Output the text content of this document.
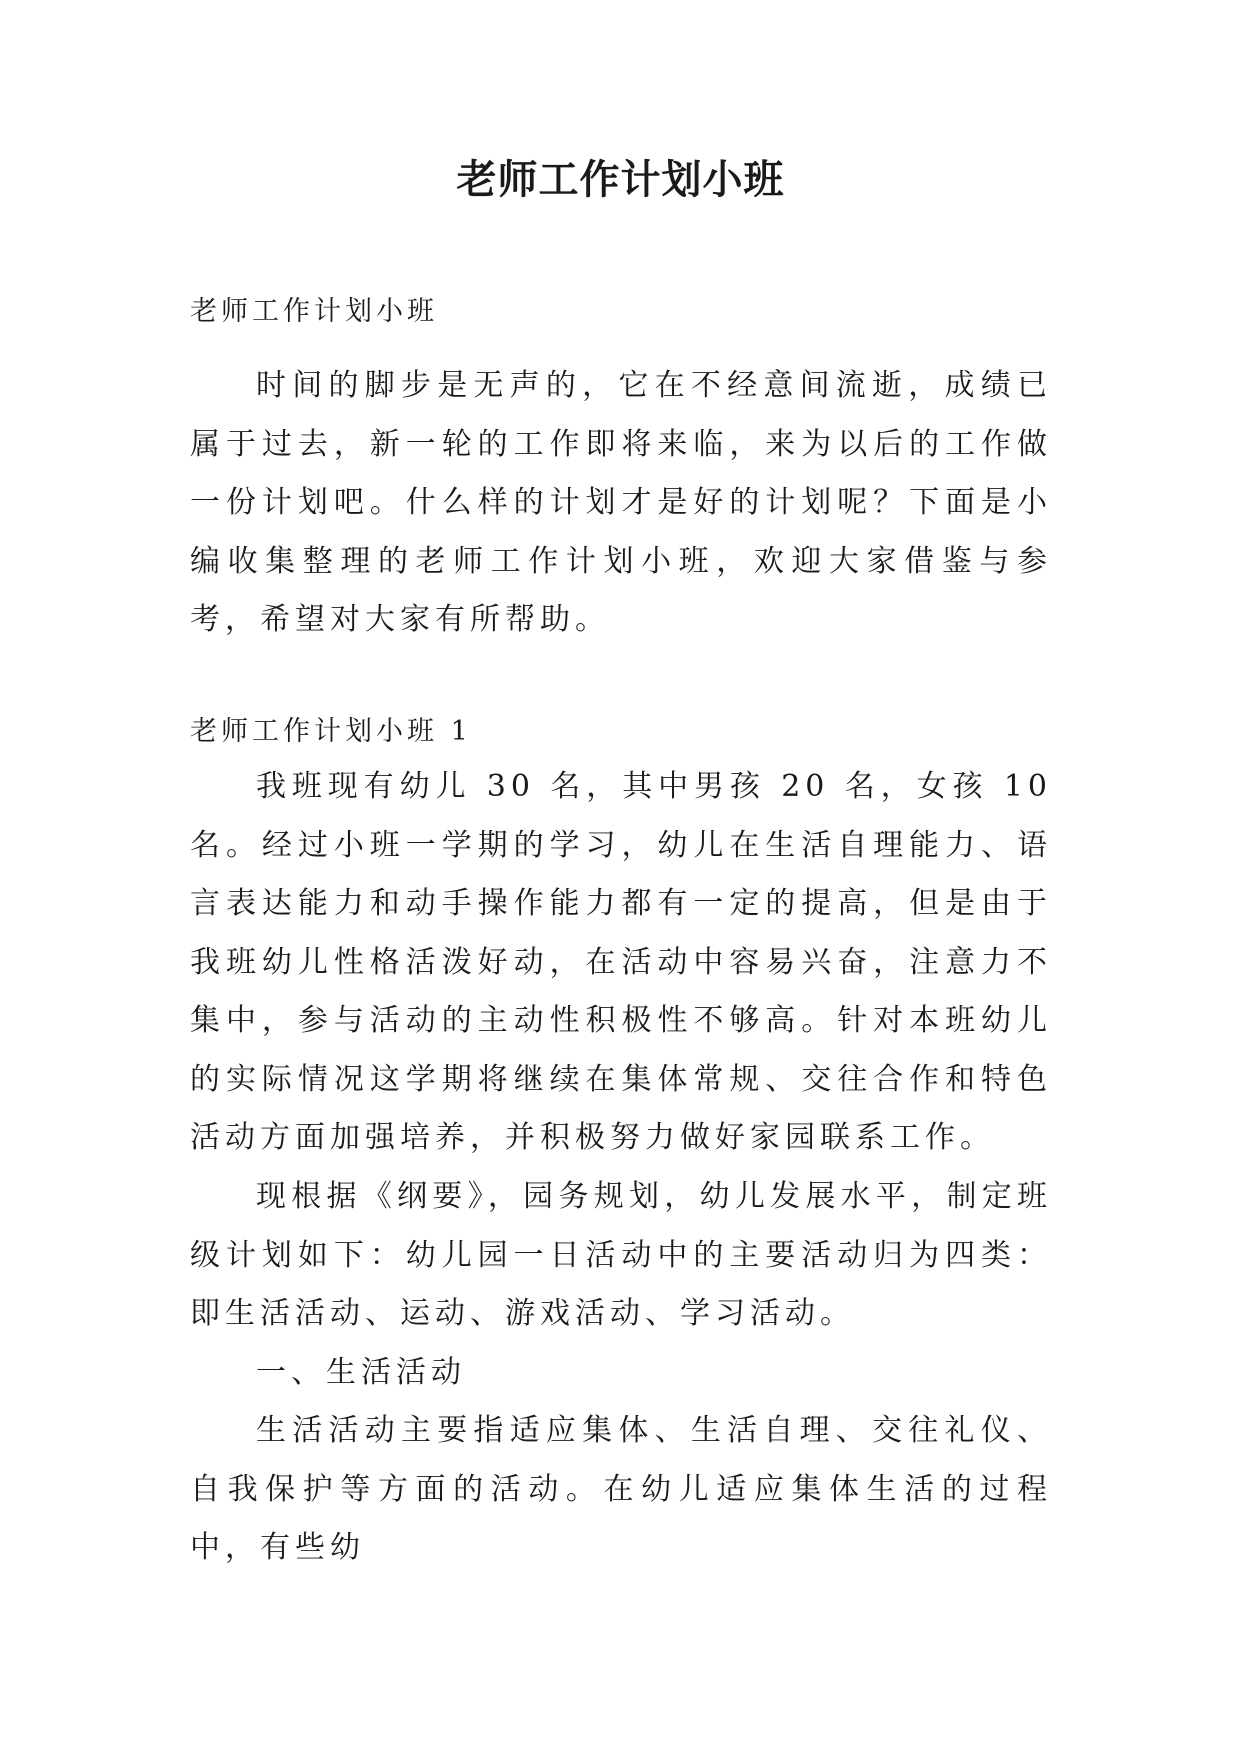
老师工作计划小班
老师工作计划小班
时间的脚步是无声的，它在不经意间流逝，成绩已属于过去，新一轮的工作即将来临，来为以后的工作做一份计划吧。什么样的计划才是好的计划呢？下面是小编收集整理的老师工作计划小班，欢迎大家借鉴与参考，希望对大家有所帮助。
老师工作计划小班 1
我班现有幼儿 30 名，其中男孩 20 名，女孩 10 名。经过小班一学期的学习，幼儿在生活自理能力、语言表达能力和动手操作能力都有一定的提高，但是由于我班幼儿性格活泼好动，在活动中容易兴奋，注意力不集中，参与活动的主动性积极性不够高。针对本班幼儿的实际情况这学期将继续在集体常规、交往合作和特色活动方面加强培养，并积极努力做好家园联系工作。
现根据《纲要》，园务规划，幼儿发展水平，制定班级计划如下：幼儿园一日活动中的主要活动归为四类：即生活活动、运动、游戏活动、学习活动。
一、生活活动
生活活动主要指适应集体、生活自理、交往礼仪、自我保护等方面的活动。在幼儿适应集体生活的过程中，有些幼
